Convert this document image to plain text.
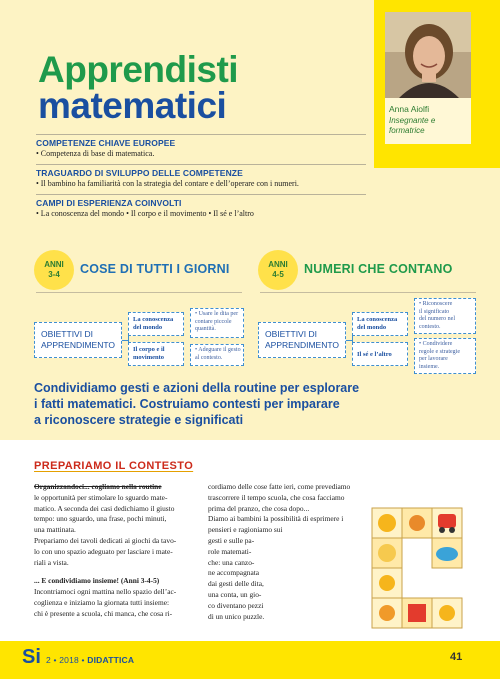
Anna Aiolfi
Insegnante e formatrice
Apprendisti
matematici
COMPETENZE CHIAVE EUROPEE
• Competenza di base di matematica.
TRAGUARDO DI SVILUPPO DELLE COMPETENZE
• Il bambino ha familiarità con la strategia del contare e dell’operare con i numeri.
CAMPI DI ESPERIENZA COINVOLTI
• La conoscenza del mondo • Il corpo e il movimento • Il sé e l’altro
ANNI
3-4	COSE DI TUTTI I GIORNI
OBIETTIVI DI
APPRENDIMENTO
La conoscenza
del mondo
Il corpo e il
movimento
• Usare le dita per
contare piccole
quantità.
• Adeguare il gesto
al contesto.
ANNI
4-5	NUMERI CHE CONTANO
OBIETTIVI DI
APPRENDIMENTO
La conoscenza
del mondo
Il sé e l’altro
• Riconoscere
il significato
del numero nel
contesto.
• Condividere
regole e strategie
per lavorare
insieme.
Condividiamo gesti e azioni della routine per esplorare
i fatti matematici. Costruiamo contesti per imparare
a riconoscere strategie e significati
PREPARIAMO IL CONTESTO
Organizzandoci... cogliamo nella routine
le opportunità per stimolare lo sguardo mate-
matico. A seconda dei casi dedichiamo il giusto
tempo: uno sguardo, una frase, pochi minuti,
una mattinata.
Prepariamo dei tavoli dedicati ai giochi da tavo-
lo con uno spazio adeguato per lasciare i mate-
riali a vista.
... E condividiamo insieme! (Anni 3-4-5)
Incontriamoci ogni mattina nello spazio dell’ac-
coglienza e iniziamo la giornata tutti insieme:
chi è presente a scuola, chi manca, che cosa ri-
cordiamo delle cose fatte ieri, come prevediamo
trascorrere il tempo scuola, che cosa facciamo
prima del pranzo, che cosa dopo...
Diamo ai bambini la possibilità di esprimere i
pensieri e ragioniamo sui
gesti e sulle pa-
role matemati-
che: una canzo-
ne accompagnata
dai gesti delle dita,
una conta, un gio-
co diventano pezzi
di un unico puzzle.
Si 2 • 2018 • DIDATTICA	41
